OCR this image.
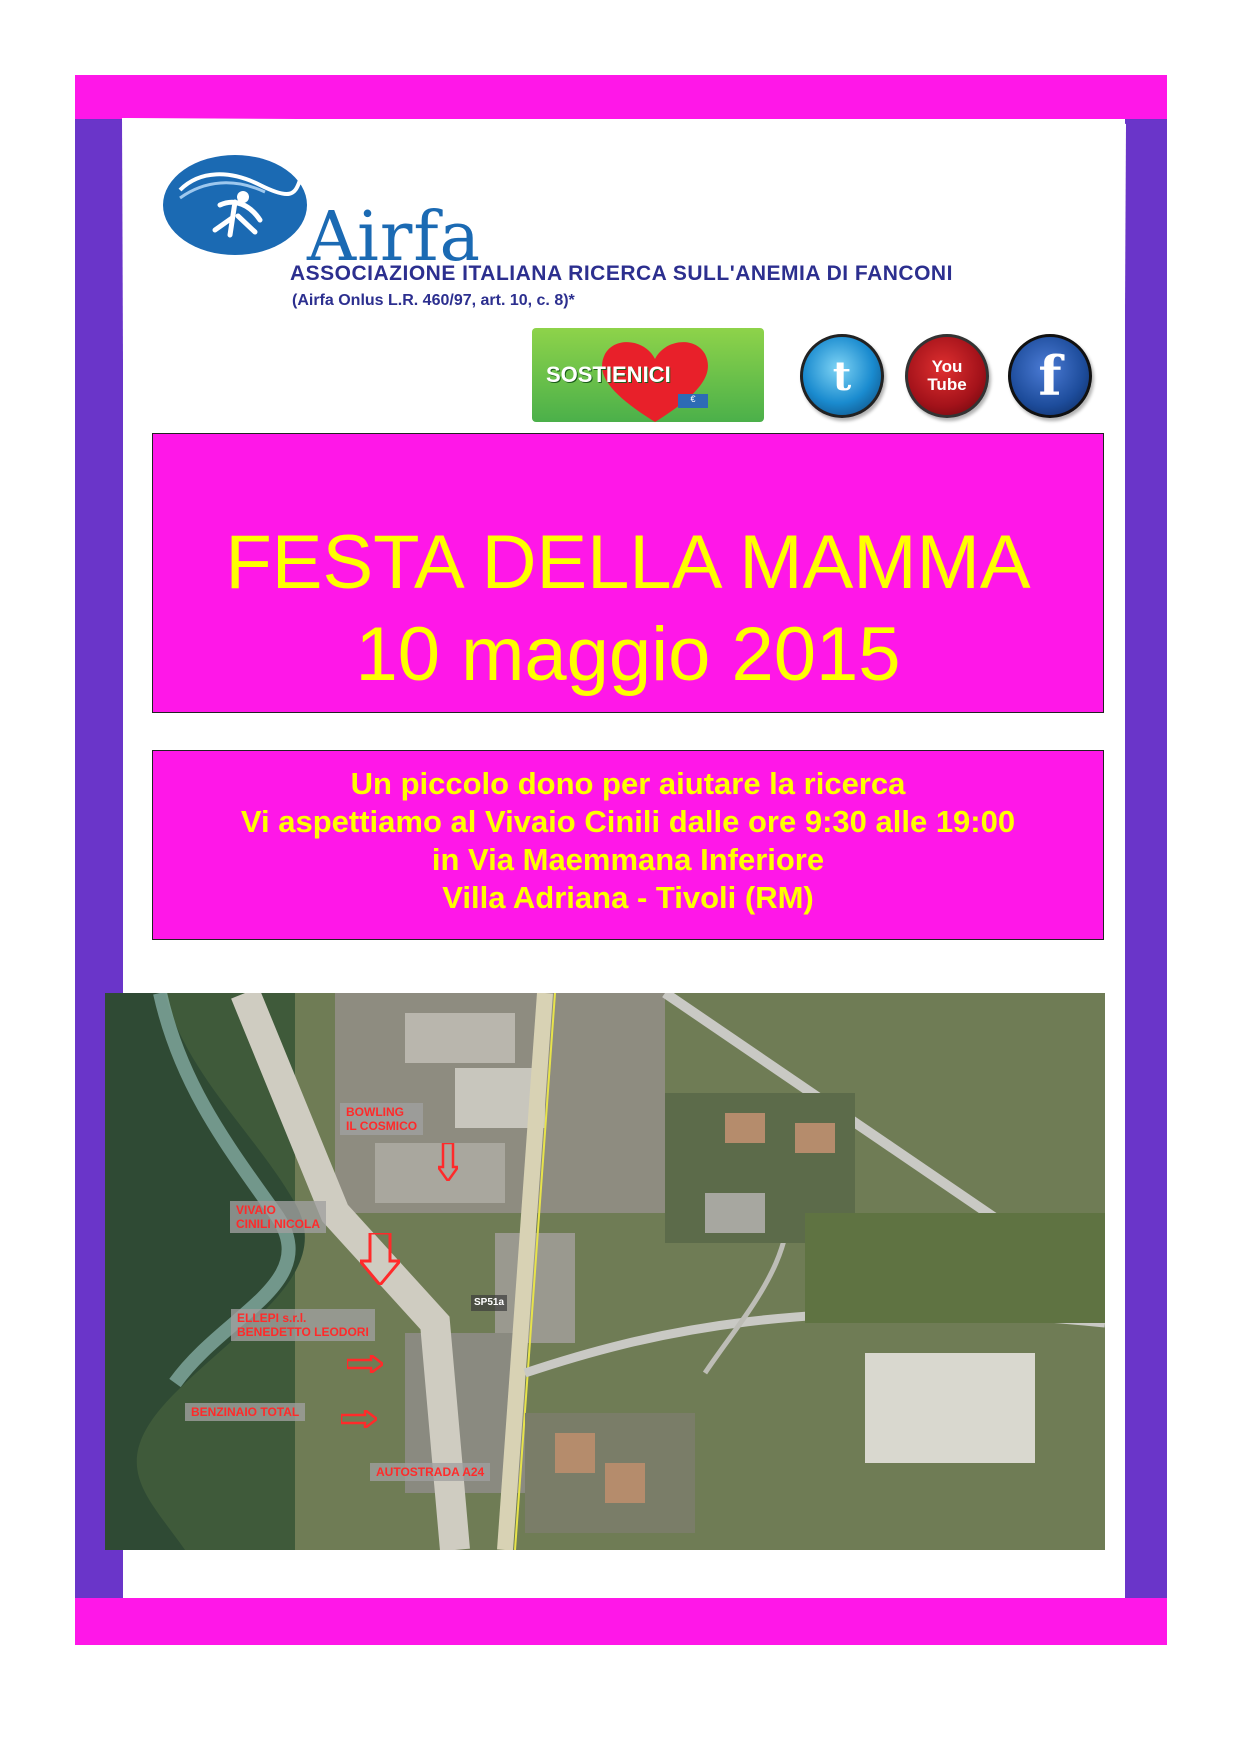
Airfa
ASSOCIAZIONE ITALIANA RICERCA SULL'ANEMIA DI FANCONI
(Airfa Onlus L.R. 460/97, art. 10, c. 8)*
SOSTIENICI
€	t	You
Tube f
FESTA DELLA MAMMA
10 maggio 2015
Un piccolo dono per aiutare la ricerca
Vi aspettiamo al Vivaio Cinili dalle ore 9:30 alle 19:00
in Via Maemmana Inferiore
Villa Adriana - Tivoli (RM)
BOWLING
IL COSMICO
VIVAIO
CINILI NICOLA
ELLEPI s.r.l.
BENEDETTO LEODORI
BENZINAIO TOTAL
AUTOSTRADA A24
SP51a
